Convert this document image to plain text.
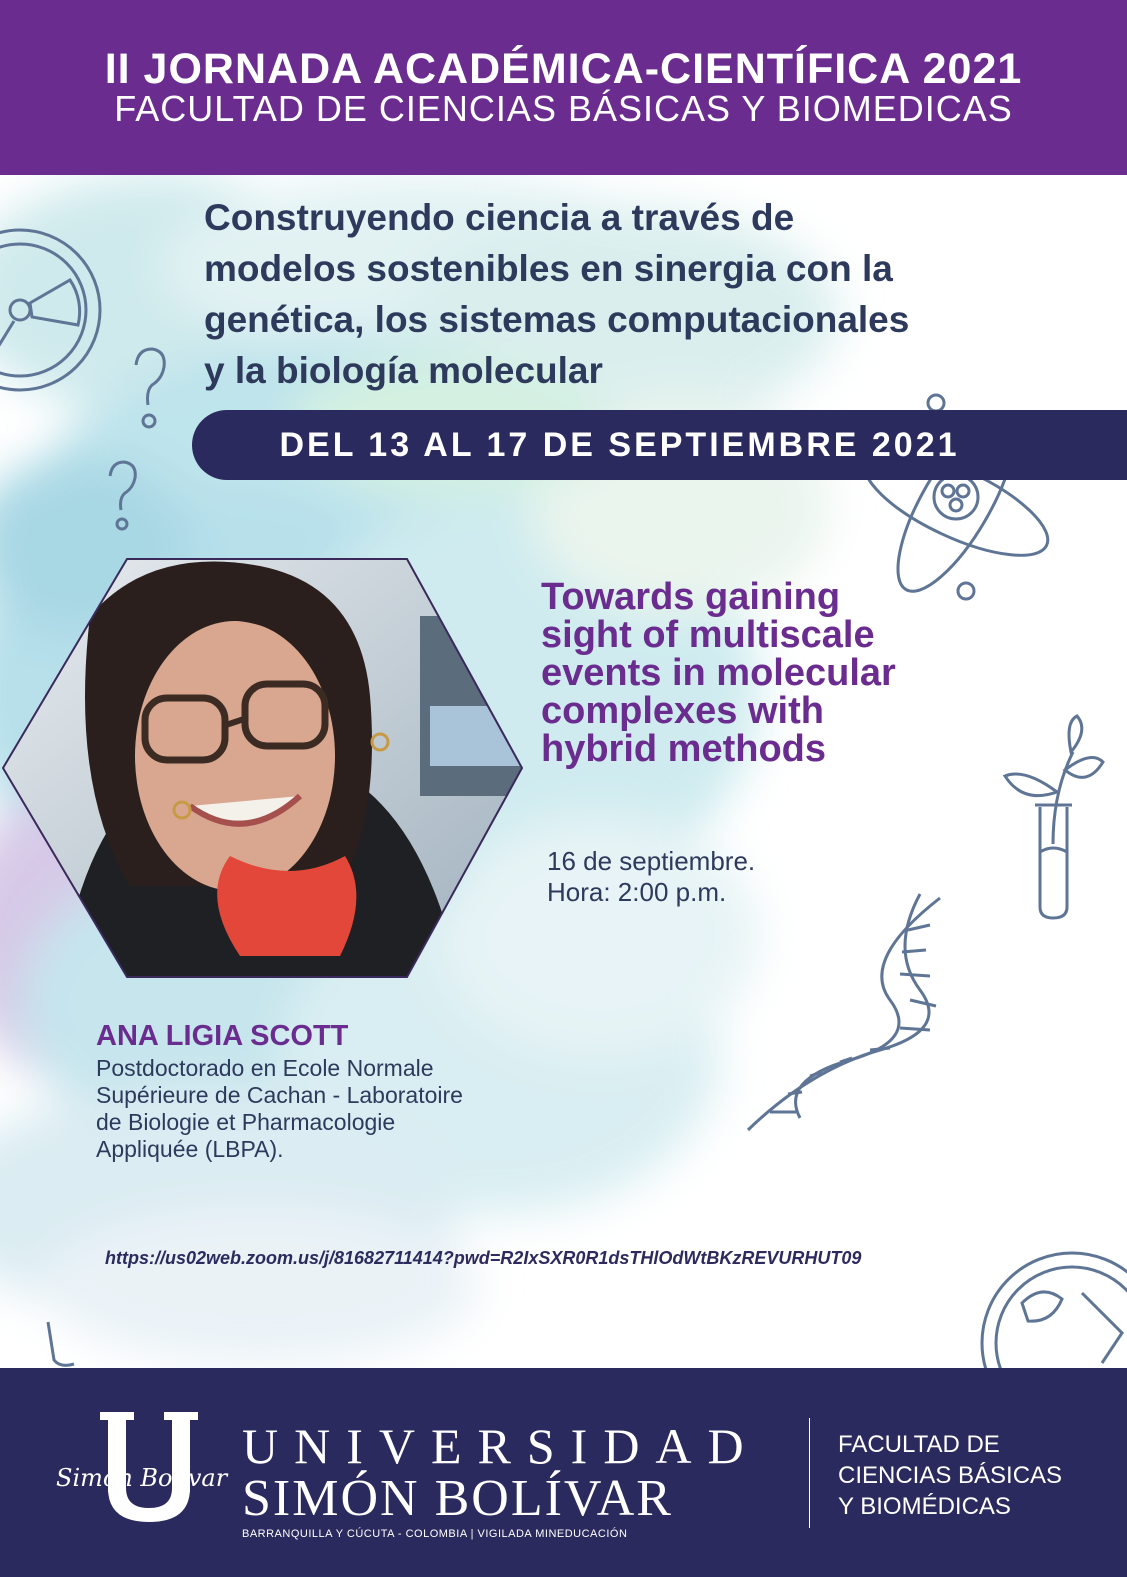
II JORNADA ACADÉMICA-CIENTÍFICA 2021
FACULTAD DE CIENCIAS BÁSICAS Y BIOMEDICAS
Construyendo ciencia a través de
modelos sostenibles en sinergia con la
genética, los sistemas computacionales
y la biología molecular
DEL 13 AL 17 DE SEPTIEMBRE 2021
Towards gaining
sight of multiscale
events in molecular
complexes with
hybrid methods
16 de septiembre.
Hora: 2:00 p.m.
ANA LIGIA SCOTT
Postdoctorado en Ecole Normale
Supérieure de Cachan - Laboratoire
de Biologie et Pharmacologie
Appliquée (LBPA).
https://us02web.zoom.us/j/81682711414?pwd=R2IxSXR0R1dsTHlOdWtBKzREVURHUT09
Simón Bolívar
UNIVERSIDAD
SIMÓN BOLÍVAR
BARRANQUILLA Y CÚCUTA - COLOMBIA | VIGILADA MINEDUCACIÓN
FACULTAD DE
CIENCIAS BÁSICAS
Y BIOMÉDICAS
